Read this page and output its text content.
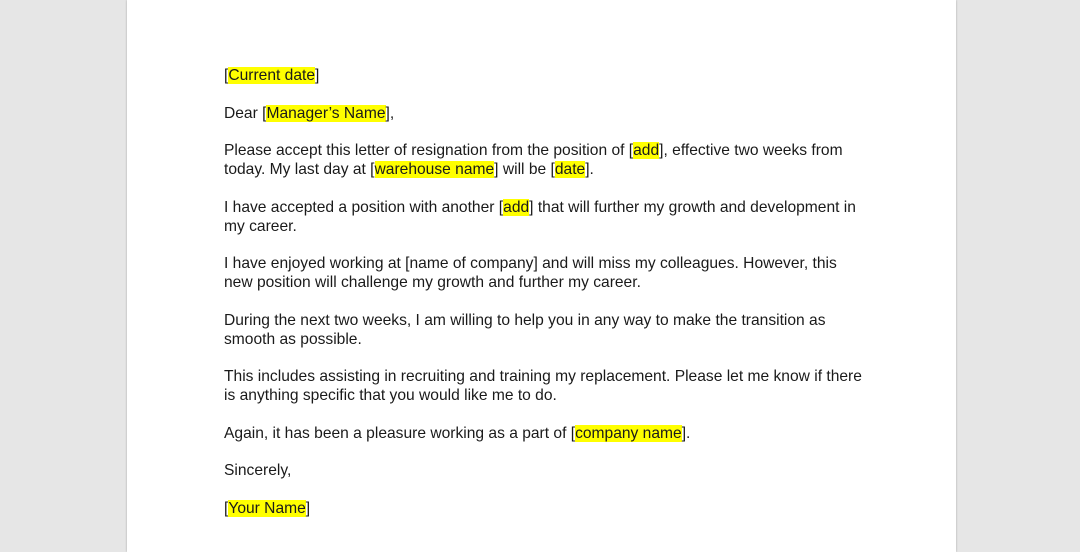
[Current date]

Dear [Manager’s Name],

Please accept this letter of resignation from the position of [add], effective two weeks from today. My last day at [warehouse name] will be [date].

I have accepted a position with another [add] that will further my growth and development in my career.

I have enjoyed working at [name of company] and will miss my colleagues. However, this new position will challenge my growth and further my career.

During the next two weeks, I am willing to help you in any way to make the transition as smooth as possible.

This includes assisting in recruiting and training my replacement. Please let me know if there is anything specific that you would like me to do.

Again, it has been a pleasure working as a part of [company name].

Sincerely,

[Your Name]
